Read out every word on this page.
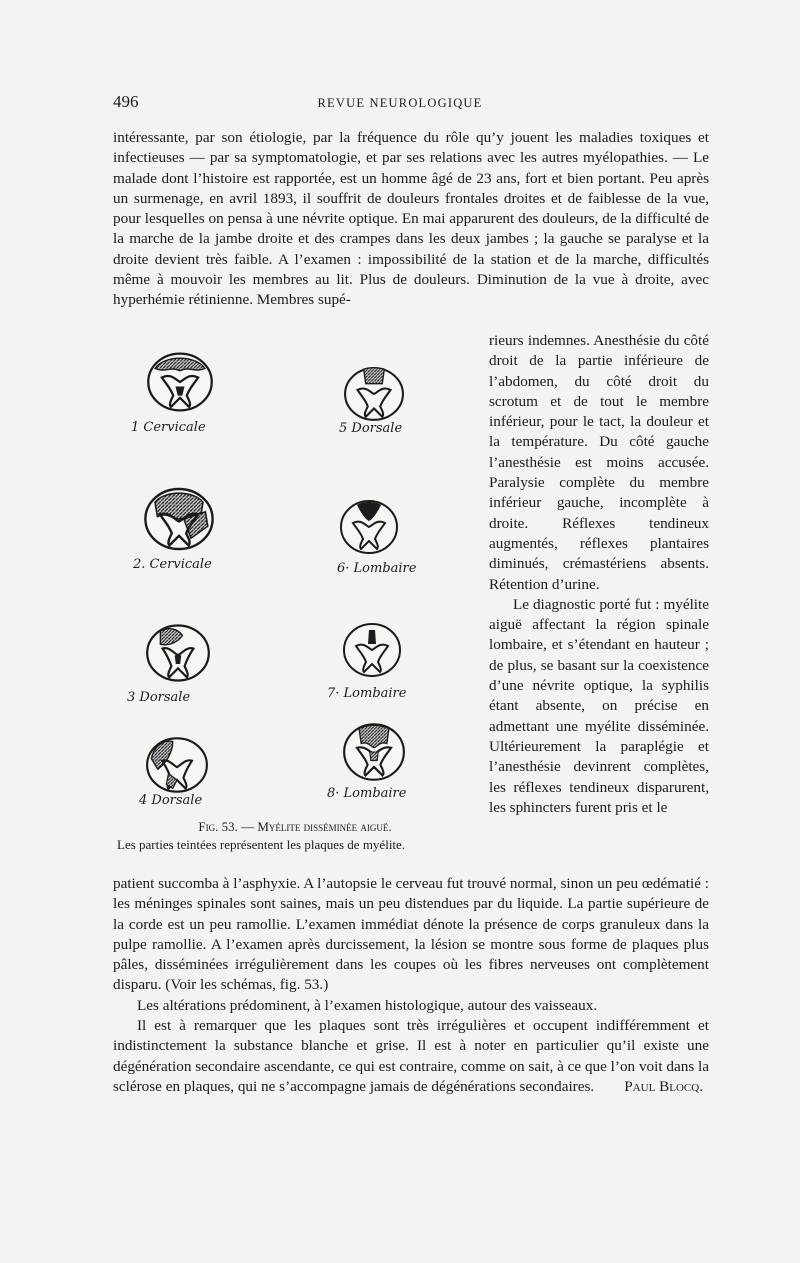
496	REVUE NEUROLOGIQUE

intéressante, par son étiologie, par la fréquence du rôle qu’y jouent les maladies toxiques et infectieuses — par sa symptomatologie, et par ses relations avec les autres myélopathies. — Le malade dont l’histoire est rapportée, est un homme âgé de 23 ans, fort et bien portant. Peu après un surmenage, en avril 1893, il souffrit de douleurs frontales droites et de faiblesse de la vue, pour lesquelles on pensa à une névrite optique. En mai apparurent des douleurs, de la difficulté de la marche de la jambe droite et des crampes dans les deux jambes ; la gauche se paralyse et la droite devient très faible. A l’examen : impossibilité de la station et de la marche, difficultés même à mouvoir les membres au lit. Plus de douleurs. Diminution de la vue à droite, avec hyperhémie rétinienne. Membres supé-

rieurs indemnes. Anesthésie du côté droit de la partie inférieure de l’abdomen, du côté droit du scrotum et de tout le membre inférieur, pour le tact, la douleur et la température. Du côté gauche l’anesthésie est moins accusée. Paralysie complète du membre inférieur gauche, incomplète à droite. Réflexes tendineux augmentés, réflexes plantaires diminués, crémastériens absents. Rétention d’urine.

Le diagnostic porté fut : myélite aiguë affectant la région spinale lombaire, et s’étendant en hauteur ; de plus, se basant sur la coexistence d’une névrite optique, la syphilis étant absente, on précise en admettant une myélite disséminée. Ultérieurement la paraplégie et l’anesthésie devinrent complètes, les réflexes tendineux disparurent, les sphincters furent pris et le

1 Cervicale
2. Cervicale
3 Dorsale
4 Dorsale
5 Dorsale
6· Lombaire
7· Lombaire
8· Lombaire
Fig. 53. — Myélite disséminée aiguë.
Les parties teintées représentent les plaques de myélite.

patient succomba à l’asphyxie. A l’autopsie le cerveau fut trouvé normal, sinon un peu œdématié : les méninges spinales sont saines, mais un peu distendues par du liquide. La partie supérieure de la corde est un peu ramollie. L’examen immédiat dénote la présence de corps granuleux dans la pulpe ramollie. A l’examen après durcissement, la lésion se montre sous forme de plaques plus pâles, disséminées irrégulièrement dans les coupes où les fibres nerveuses ont complètement disparu. (Voir les schémas, fig. 53.)

Les altérations prédominent, à l’examen histologique, autour des vaisseaux.

Il est à remarquer que les plaques sont très irrégulières et occupent indifféremment et indistinctement la substance blanche et grise. Il est à noter en particulier qu’il existe une dégénération secondaire ascendante, ce qui est contraire, comme on sait, à ce que l’on voit dans la sclérose en plaques, qui ne s’accompagne jamais de dégénérations secondaires.	Paul Blocq.
